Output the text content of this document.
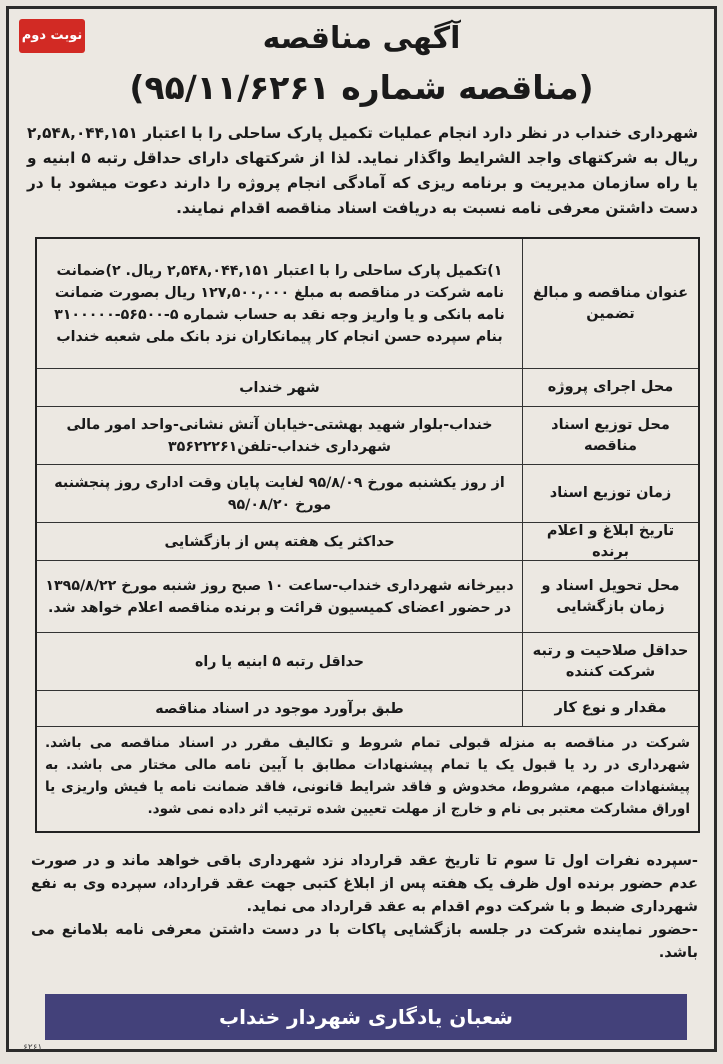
نوبت دوم	آگهی مناقصه
(مناقصه شماره ۹۵/۱۱/۶۲۶۱)
شهرداری خنداب در نظر دارد انجام عملیات تکمیل پارک ساحلی را با اعتبار ۲,۵۴۸,۰۴۴,۱۵۱ ریال به شرکتهای واجد الشرایط واگذار نماید. لذا از شرکتهای دارای حداقل رتبه ۵ ابنیه و یا راه سازمان مدیریت و برنامه ریزی که آمادگی انجام پروژه را دارند دعوت میشود با در دست داشتن معرفی نامه نسبت به دریافت اسناد مناقصه اقدام نمایند.
عنوان مناقصه و مبالغ تضمین
۱)تکمیل پارک ساحلی را با اعتبار ۲,۵۴۸,۰۴۴,۱۵۱ ریال. ۲)ضمانت نامه شرکت در مناقصه به مبلغ ۱۲۷,۵۰۰,۰۰۰ ریال بصورت ضمانت نامه بانکی و یا واریز وجه نقد به حساب شماره ۵-۵۶۵۰۰-۳۱۰۰۰۰۰ بنام سپرده حسن انجام کار پیمانکاران نزد بانک ملی شعبه خنداب
محل اجرای پروژه
شهر خنداب
محل توزیع اسناد مناقصه
خنداب-بلوار شهید بهشتی-خیابان آتش نشانی-واحد امور مالی شهرداری خنداب-تلفن۳۵۶۲۲۲۶۱
زمان توزیع اسناد
از روز یکشنبه مورخ ۹۵/۸/۰۹ لغایت پایان وقت اداری روز پنجشنبه مورخ ۹۵/۰۸/۲۰
تاریخ ابلاغ و اعلام برنده
حداکثر یک هفته پس از بازگشایی
محل تحویل اسناد و زمان بازگشایی
دبیرخانه شهرداری خنداب-ساعت ۱۰ صبح روز شنبه مورخ ۱۳۹۵/۸/۲۲ در حضور اعضای کمیسیون قرائت و برنده مناقصه اعلام خواهد شد.
حداقل صلاحیت و رتبه شرکت کننده
حداقل رتبه ۵ ابنیه یا راه
مقدار و نوع کار
طبق برآورد موجود در اسناد مناقصه
شرکت در مناقصه به منزله قبولی تمام شروط و تکالیف مقرر در اسناد مناقصه می باشد. شهرداری در رد یا قبول یک یا تمام پیشنهادات مطابق با آیین نامه مالی مختار می باشد. به پیشنهادات مبهم، مشروط، مخدوش و فاقد شرایط قانونی، فاقد ضمانت نامه یا فیش واریزی یا اوراق مشارکت معتبر بی نام و خارج از مهلت تعیین شده ترتیب اثر داده نمی شود.
-سپرده نفرات اول تا سوم تا تاریخ عقد قرارداد نزد شهرداری باقی خواهد ماند و در صورت عدم حضور برنده اول ظرف یک هفته پس از ابلاغ کتبی جهت عقد قرارداد، سپرده وی به نفع شهرداری ضبط و با شرکت دوم اقدام به عقد قرارداد می نماید.
-حضور نماینده شرکت در جلسه بازگشایی پاکات با در دست داشتن معرفی نامه بلامانع می باشد.
شعبان یادگاری شهردار خنداب
۶۲۶۱
